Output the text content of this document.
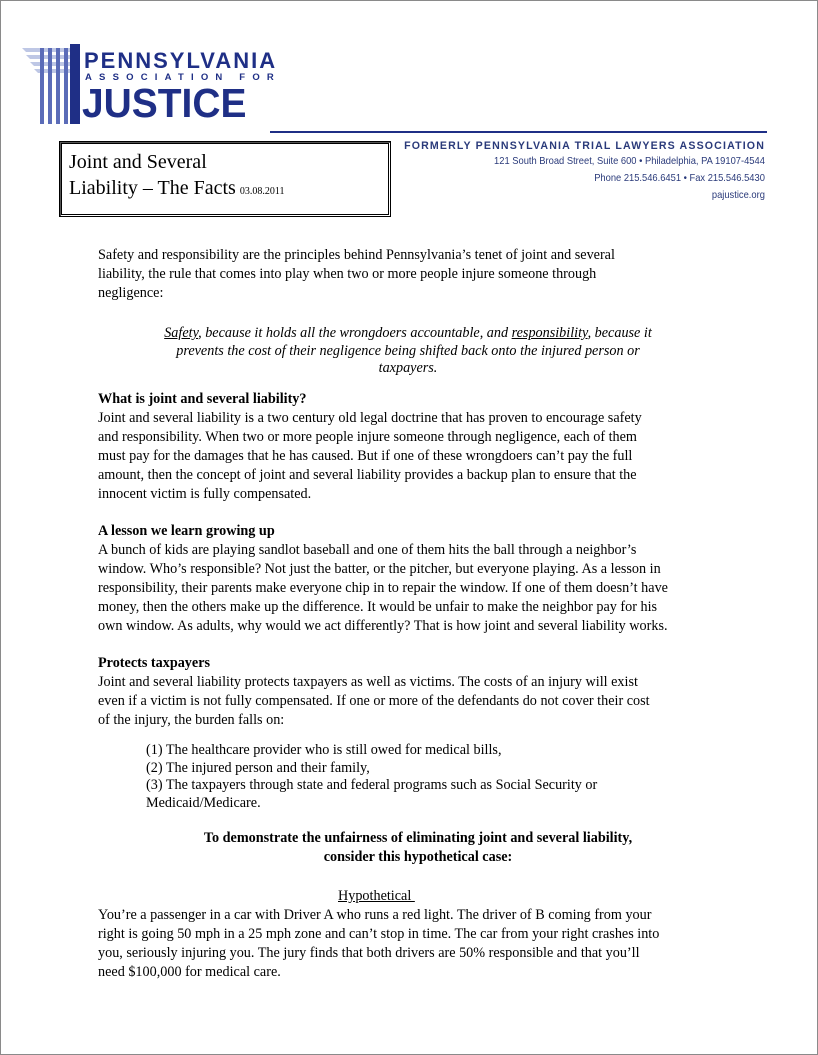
PENNSYLVANIA
ASSOCIATION FOR
JUSTICE
Joint and Several
Liability – The Facts 03.08.2011
FORMERLY PENNSYLVANIA TRIAL LAWYERS ASSOCIATION
121 South Broad Street, Suite 600 • Philadelphia, PA 19107-4544
Phone 215.546.6451 • Fax 215.546.5430
pajustice.org
Safety and responsibility are the principles behind Pennsylvania’s tenet of joint and several
liability, the rule that comes into play when two or more people injure someone through
negligence:
Safety, because it holds all the wrongdoers accountable, and responsibility, because it
prevents the cost of their negligence being shifted back onto the injured person or
taxpayers.
What is joint and several liability?
Joint and several liability is a two century old legal doctrine that has proven to encourage safety
and responsibility. When two or more people injure someone through negligence, each of them
must pay for the damages that he has caused. But if one of these wrongdoers can’t pay the full
amount, then the concept of joint and several liability provides a backup plan to ensure that the
innocent victim is fully compensated.
A lesson we learn growing up
A bunch of kids are playing sandlot baseball and one of them hits the ball through a neighbor’s
window. Who’s responsible? Not just the batter, or the pitcher, but everyone playing. As a lesson in
responsibility, their parents make everyone chip in to repair the window. If one of them doesn’t have
money, then the others make up the difference. It would be unfair to make the neighbor pay for his
own window. As adults, why would we act differently? That is how joint and several liability works.
Protects taxpayers
Joint and several liability protects taxpayers as well as victims. The costs of an injury will exist
even if a victim is not fully compensated. If one or more of the defendants do not cover their cost
of the injury, the burden falls on:
(1) The healthcare provider who is still owed for medical bills,
(2) The injured person and their family,
(3) The taxpayers through state and federal programs such as Social Security or
Medicaid/Medicare.
To demonstrate the unfairness of eliminating joint and several liability,
consider this hypothetical case:
Hypothetical
You’re a passenger in a car with Driver A who runs a red light. The driver of B coming from your
right is going 50 mph in a 25 mph zone and can’t stop in time. The car from your right crashes into
you, seriously injuring you. The jury finds that both drivers are 50% responsible and that you’ll
need $100,000 for medical care.
